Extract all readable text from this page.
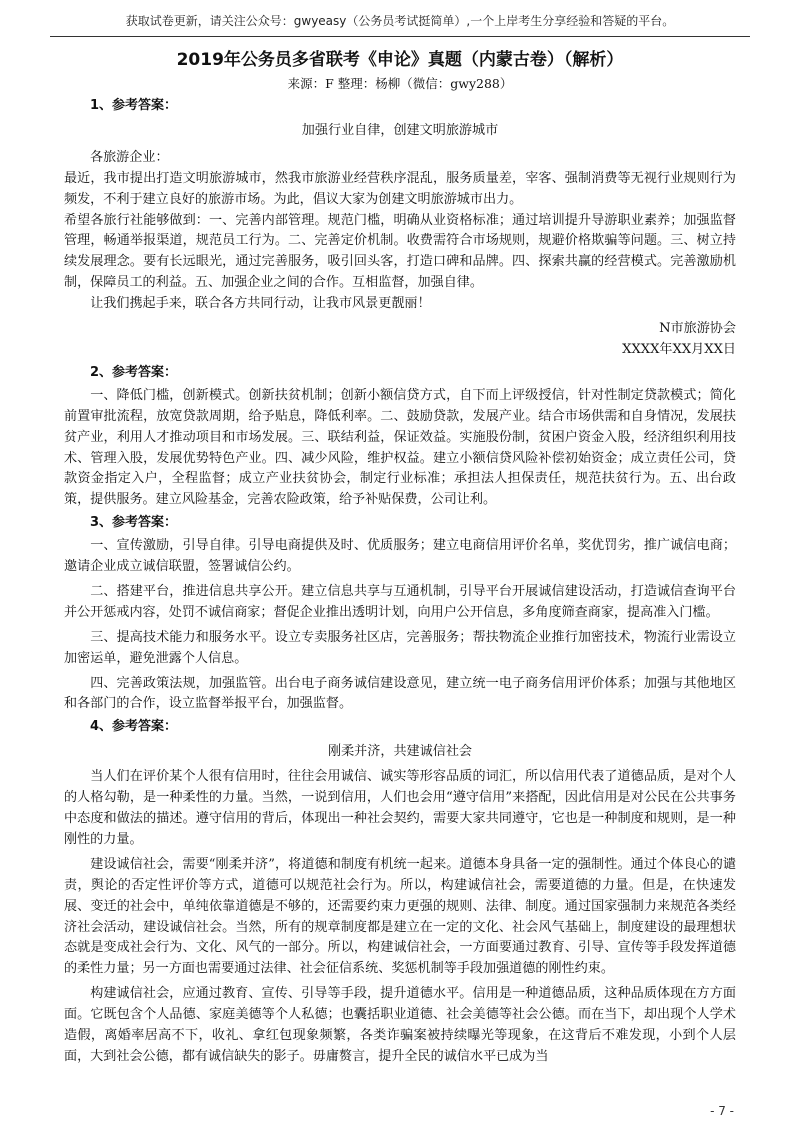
获取试卷更新，请关注公众号：gwyeasy（公务员考试挺简单）,一个上岸考生分享经验和答疑的平台。
2019年公务员多省联考《申论》真题（内蒙古卷）（解析）
来源：F 整理：杨柳（微信：gwy288）
1、参考答案：
加强行业自律，创建文明旅游城市
各旅游企业：

最近，我市提出打造文明旅游城市，然我市旅游业经营秩序混乱，服务质量差，宰客、强制消费等无视行业规则行为频发，不利于建立良好的旅游市场。为此，倡议大家为创建文明旅游城市出力。

希望各旅行社能够做到：一、完善内部管理。规范门槛，明确从业资格标准；通过培训提升导游职业素养；加强监督管理，畅通举报渠道，规范员工行为。二、完善定价机制。收费需符合市场规则，规避价格欺骗等问题。三、树立持续发展理念。要有长远眼光，通过完善服务，吸引回头客，打造口碑和品牌。四、探索共赢的经营模式。完善激励机制，保障员工的利益。五、加强企业之间的合作。互相监督，加强自律。

让我们携起手来，联合各方共同行动，让我市风景更靓丽！

N市旅游协会
XXXX年XX月XX日
2、参考答案：

一、降低门槛，创新模式。创新扶贫机制；创新小额信贷方式，自下而上评级授信，针对性制定贷款模式；简化前置审批流程，放宽贷款周期，给予贴息，降低利率。二、鼓励贷款，发展产业。结合市场供需和自身情况，发展扶贫产业，利用人才推动项目和市场发展。三、联结利益，保证效益。实施股份制，贫困户资金入股，经济组织利用技术、管理入股，发展优势特色产业。四、减少风险，维护权益。建立小额信贷风险补偿初始资金；成立责任公司，贷款资金指定入户，全程监督；成立产业扶贫协会，制定行业标准；承担法人担保责任，规范扶贫行为。五、出台政策，提供服务。建立风险基金，完善农险政策，给予补贴保费，公司让利。

3、参考答案：

一、宣传激励，引导自律。引导电商提供及时、优质服务；建立电商信用评价名单，奖优罚劣，推广诚信电商；邀请企业成立诚信联盟，签署诚信公约。

二、搭建平台，推进信息共享公开。建立信息共享与互通机制，引导平台开展诚信建设活动，打造诚信查询平台并公开惩戒内容，处罚不诚信商家；督促企业推出透明计划，向用户公开信息，多角度筛查商家，提高准入门槛。

三、提高技术能力和服务水平。设立专卖服务社区店，完善服务；帮扶物流企业推行加密技术，物流行业需设立加密运单，避免泄露个人信息。

四、完善政策法规，加强监管。出台电子商务诚信建设意见，建立统一电子商务信用评价体系；加强与其他地区和各部门的合作，设立监督举报平台，加强监督。

4、参考答案：
刚柔并济，共建诚信社会

当人们在评价某个人很有信用时，往往会用诚信、诚实等形容品质的词汇，所以信用代表了道德品质，是对个人的人格勾勒，是一种柔性的力量。当然，一说到信用，人们也会用“遵守信用”来搭配，因此信用是对公民在公共事务中态度和做法的描述。遵守信用的背后，体现出一种社会契约，需要大家共同遵守，它也是一种制度和规则，是一种刚性的力量。

建设诚信社会，需要“刚柔并济”，将道德和制度有机统一起来。道德本身具备一定的强制性。通过个体良心的谴责，舆论的否定性评价等方式，道德可以规范社会行为。所以，构建诚信社会，需要道德的力量。但是，在快速发展、变迁的社会中，单纯依靠道德是不够的，还需要约束力更强的规则、法律、制度。通过国家强制力来规范各类经济社会活动，建设诚信社会。当然，所有的规章制度都是建立在一定的文化、社会风气基础上，制度建设的最理想状态就是变成社会行为、文化、风气的一部分。所以，构建诚信社会，一方面要通过教育、引导、宣传等手段发挥道德的柔性力量；另一方面也需要通过法律、社会征信系统、奖惩机制等手段加强道德的刚性约束。

构建诚信社会，应通过教育、宣传、引导等手段，提升道德水平。信用是一种道德品质，这种品质体现在方方面面。它既包含个人品德、家庭美德等个人私德；也囊括职业道德、社会美德等社会公德。而在当下，却出现个人学术造假，离婚率居高不下，收礼、拿红包现象频繁，各类诈骗案被持续曝光等现象，在这背后不难发现，小到个人层面，大到社会公德，都有诚信缺失的影子。毋庸赘言，提升全民的诚信水平已成为当

- 7 -
